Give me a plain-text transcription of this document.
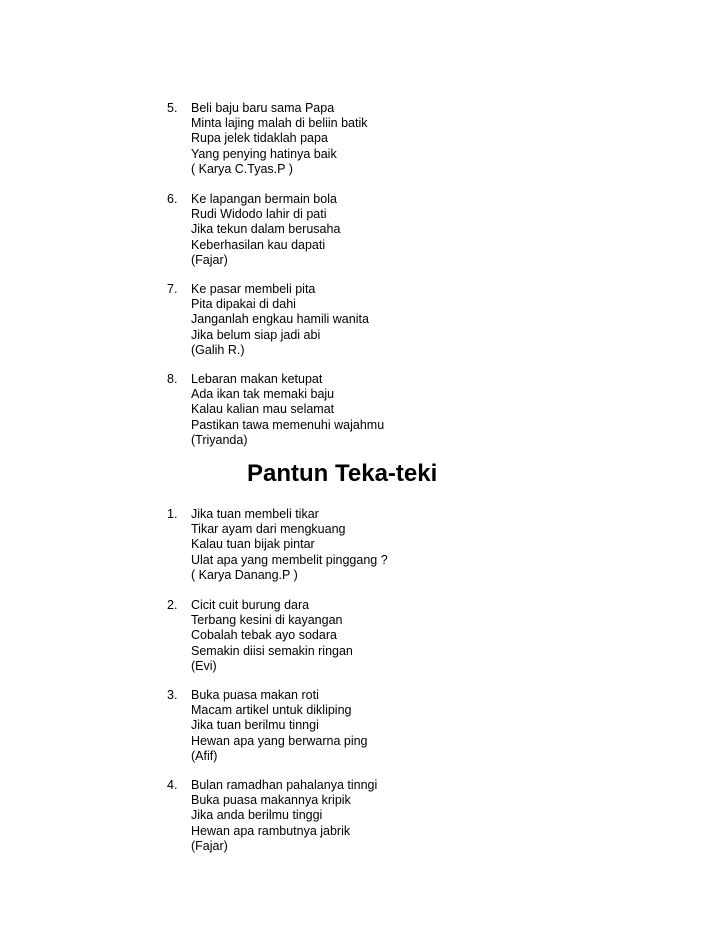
5. Beli baju baru sama Papa
Minta lajing malah di beliin batik
Rupa jelek tidaklah papa
Yang penying hatinya baik
( Karya C.Tyas.P )
6. Ke lapangan bermain bola
Rudi Widodo lahir di pati
Jika tekun dalam berusaha
Keberhasilan kau dapati
(Fajar)
7. Ke pasar membeli pita
Pita dipakai di dahi
Janganlah engkau hamili wanita
Jika belum siap jadi abi
(Galih R.)
8. Lebaran makan ketupat
Ada ikan tak memaki baju
Kalau kalian mau selamat
Pastikan tawa memenuhi wajahmu
(Triyanda)
Pantun Teka-teki
1. Jika tuan membeli tikar
Tikar ayam dari mengkuang
Kalau tuan bijak pintar
Ulat apa yang membelit pinggang ?
( Karya Danang.P )
2. Cicit cuit burung dara
Terbang kesini di kayangan
Cobalah tebak ayo sodara
Semakin diisi semakin ringan
(Evi)
3. Buka puasa makan roti
Macam artikel untuk dikliping
Jika tuan berilmu tinngi
Hewan apa yang berwarna ping
(Afif)
4. Bulan ramadhan pahalanya tinngi
Buka puasa makannya kripik
Jika anda berilmu tinggi
Hewan apa rambutnya jabrik
(Fajar)
